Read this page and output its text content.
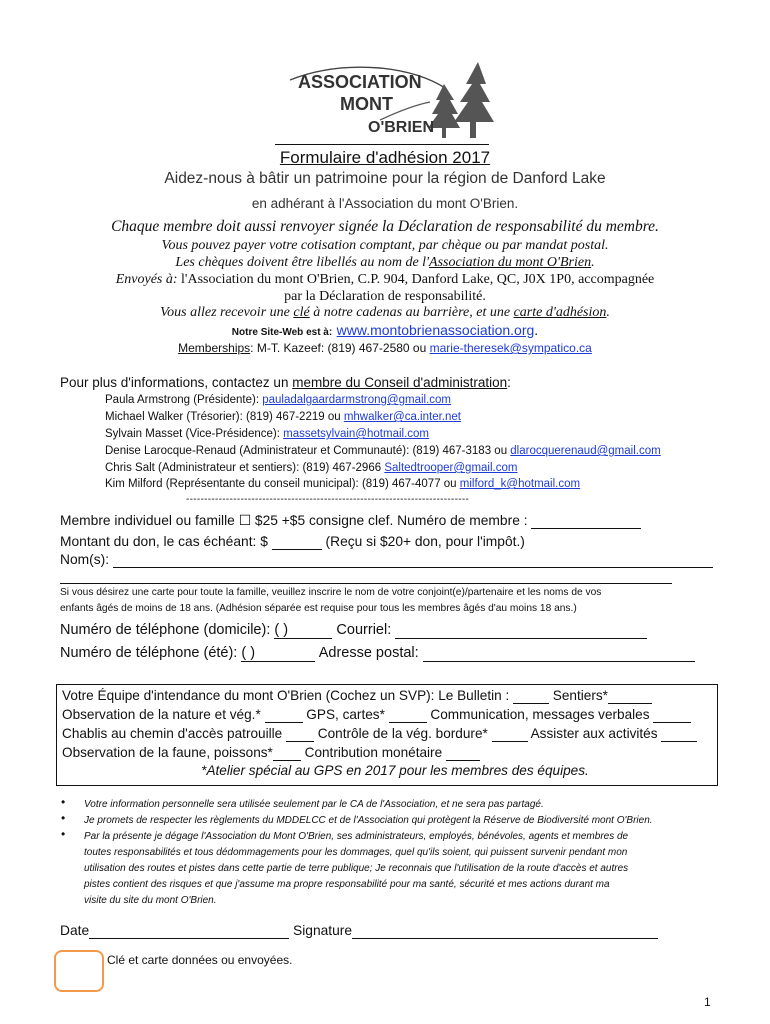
ASSOCIATION
MONT
O'BRIEN
Formulaire d'adhésion 2017
Aidez-nous à bâtir un patrimoine pour la région de Danford Lake
en adhérant à l'Association du mont O'Brien.
Chaque membre doit aussi renvoyer signée la Déclaration de responsabilité du membre.
Vous pouvez payer votre cotisation comptant, par chèque ou par mandat postal.
Les chèques doivent être libellés au nom de l'Association du mont O'Brien.
Envoyés à: l'Association du mont O'Brien, C.P. 904, Danford Lake, QC, J0X 1P0, accompagnée
par la Déclaration de responsabilité.
Vous allez recevoir une clé à notre cadenas au barrière, et une carte d'adhésion.
Notre Site-Web est à: www.montobrienassociation.org.
Memberships: M-T. Kazeef: (819) 467-2580 ou marie-theresek@sympatico.ca
Pour plus d'informations, contactez un membre du Conseil d'administration:
Paula Armstrong (Présidente): pauladalgaardarmstrong@gmail.com
Michael Walker (Trésorier): (819) 467-2219 ou mhwalker@ca.inter.net
Sylvain Masset (Vice-Présidence): massetsylvain@hotmail.com
Denise Larocque-Renaud (Administrateur et Communauté): (819) 467-3183 ou dlarocquerenaud@gmail.com
Chris Salt (Administrateur et sentiers): (819) 467-2966 Saltedtrooper@gmail.com
Kim Milford (Représentante du conseil municipal): (819) 467-4077 ou milford_k@hotmail.com
------------------------------------------------------------------------------
Membre individuel ou famille ☐ $25 +$5 consigne clef. Numéro de membre :
Montant du don, le cas échéant: $	(Reçu si $20+ don, pour l'impôt.)
Nom(s):
Si vous désirez une carte pour toute la famille, veuillez inscrire le nom de votre conjoint(e)/partenaire et les noms de vos
enfants âgés de moins de 18 ans. (Adhésion séparée est requise pour tous les membres âgés d'au moins 18 ans.)
Numéro de téléphone (domicile): ( )	Courriel:
Numéro de téléphone (été): ( )	Adresse postal:
Votre Équipe d'intendance du mont O'Brien (Cochez un SVP): Le Bulletin :	Sentiers*
Observation de la nature et vég.*	GPS, cartes*	Communication, messages verbales
Chablis au chemin d'accès patrouille   Contrôle de la vég. bordure*	Assister aux activités
Observation de la faune, poissons*  Contribution monétaire
*Atelier spécial au GPS en 2017 pour les membres des équipes.
•
•
•
Votre information personnelle sera utilisée seulement par le CA de l'Association, et ne sera pas partagé.
Je promets de respecter les règlements du MDDELCC et de l'Association qui protègent la Réserve de Biodiversité mont O'Brien.
Par la présente je dégage l'Association du Mont O'Brien, ses administrateurs, employés, bénévoles, agents et membres de
toutes responsabilités et tous dédommagements pour les dommages, quel qu'ils soient, qui puissent survenir pendant mon
utilisation des routes et pistes dans cette partie de terre publique; Je reconnais que l'utilisation de la route d'accès et autres
pistes contient des risques et que j'assume ma propre responsabilité pour ma santé, sécurité et mes actions durant ma
visite du site du mont O'Brien.
Date	Signature
Clé et carte données ou envoyées.
1
